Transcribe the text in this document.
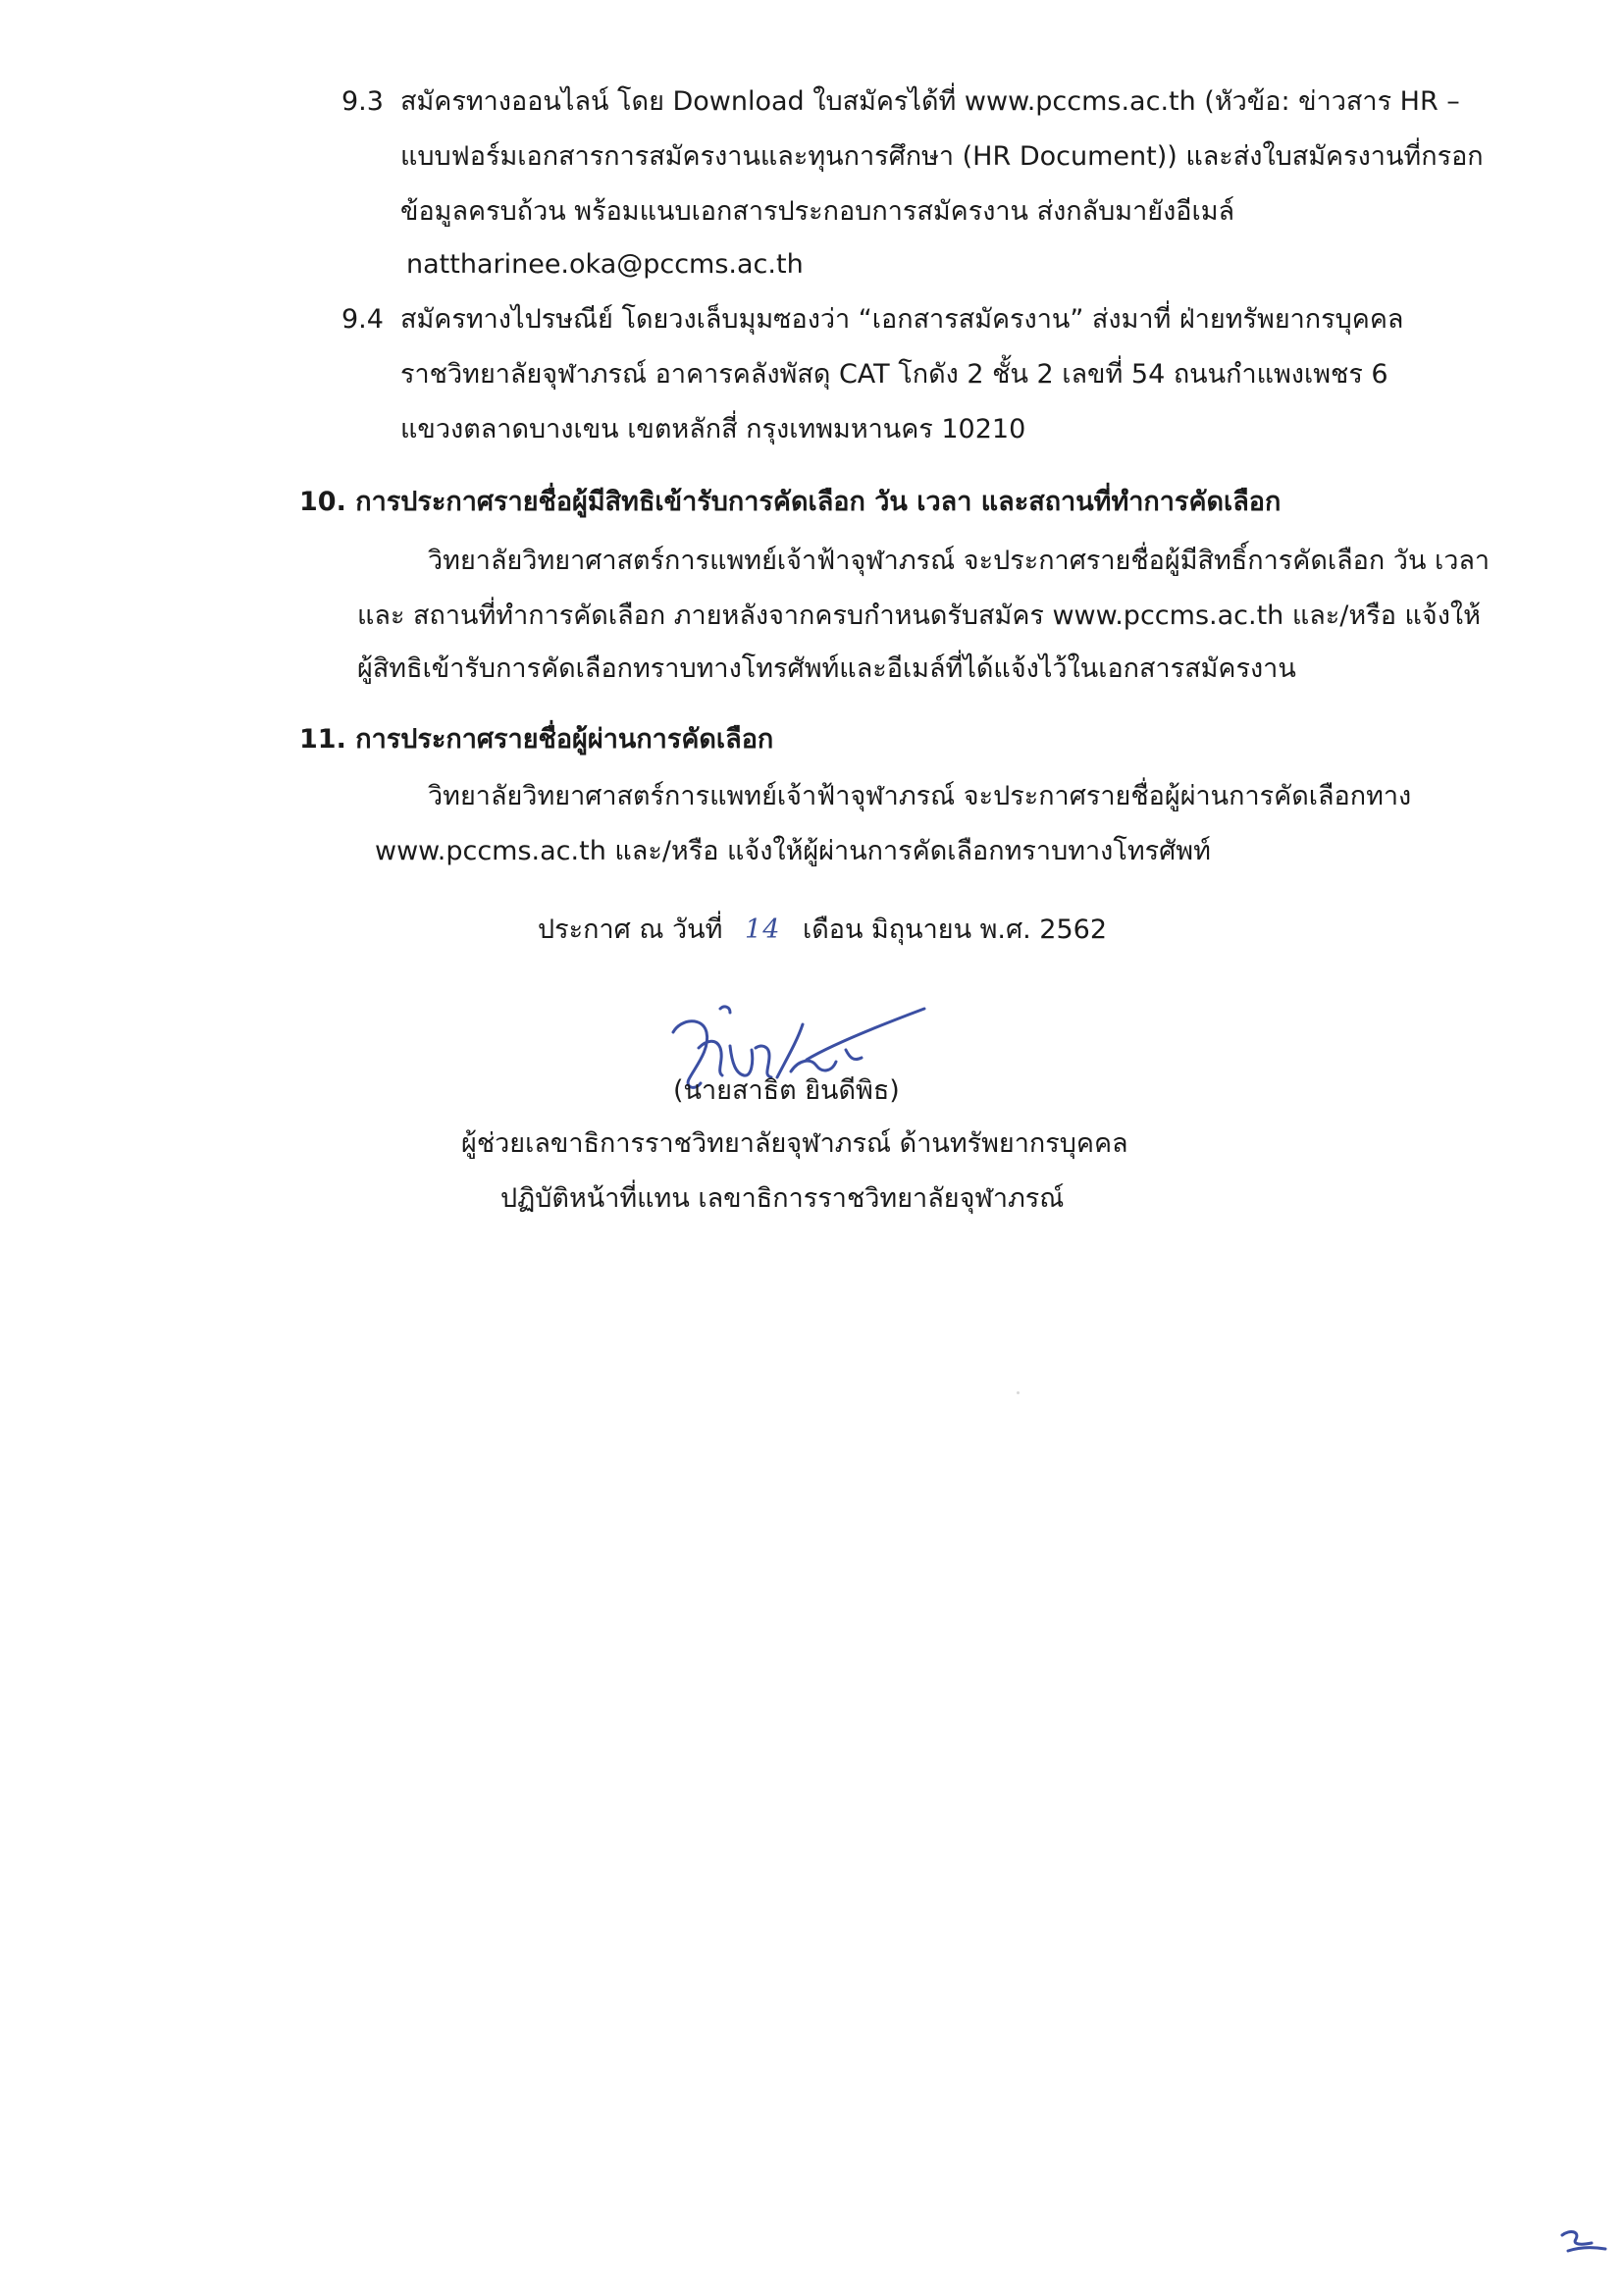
9.3 สมัครทางออนไลน์ โดย Download ใบสมัครได้ที่ www.pccms.ac.th (หัวข้อ: ข่าวสาร HR –
แบบฟอร์มเอกสารการสมัครงานและทุนการศึกษา (HR Document)) และส่งใบสมัครงานที่กรอก
ข้อมูลครบถ้วน พร้อมแนบเอกสารประกอบการสมัครงาน ส่งกลับมายังอีเมล์
nattharinee.oka@pccms.ac.th
9.4 สมัครทางไปรษณีย์ โดยวงเล็บมุมซองว่า “เอกสารสมัครงาน” ส่งมาที่ ฝ่ายทรัพยากรบุคคล
ราชวิทยาลัยจุฬาภรณ์ อาคารคลังพัสดุ CAT โกดัง 2 ชั้น 2 เลขที่ 54 ถนนกำแพงเพชร 6
แขวงตลาดบางเขน เขตหลักสี่ กรุงเทพมหานคร 10210
10. การประกาศรายชื่อผู้มีสิทธิเข้ารับการคัดเลือก วัน เวลา และสถานที่ทำการคัดเลือก
วิทยาลัยวิทยาศาสตร์การแพทย์เจ้าฟ้าจุฬาภรณ์ จะประกาศรายชื่อผู้มีสิทธิ์การคัดเลือก วัน เวลา
และ สถานที่ทำการคัดเลือก ภายหลังจากครบกำหนดรับสมัคร www.pccms.ac.th และ/หรือ แจ้งให้
ผู้สิทธิเข้ารับการคัดเลือกทราบทางโทรศัพท์และอีเมล์ที่ได้แจ้งไว้ในเอกสารสมัครงาน
11. การประกาศรายชื่อผู้ผ่านการคัดเลือก
วิทยาลัยวิทยาศาสตร์การแพทย์เจ้าฟ้าจุฬาภรณ์ จะประกาศรายชื่อผู้ผ่านการคัดเลือกทาง
www.pccms.ac.th และ/หรือ แจ้งให้ผู้ผ่านการคัดเลือกทราบทางโทรศัพท์
ประกาศ ณ วันที่ 14 เดือน มิถุนายน พ.ศ. 2562
(นายสาธิต ยินดีพิธ)
ผู้ช่วยเลขาธิการราชวิทยาลัยจุฬาภรณ์ ด้านทรัพยากรบุคคล
ปฏิบัติหน้าที่แทน เลขาธิการราชวิทยาลัยจุฬาภรณ์
